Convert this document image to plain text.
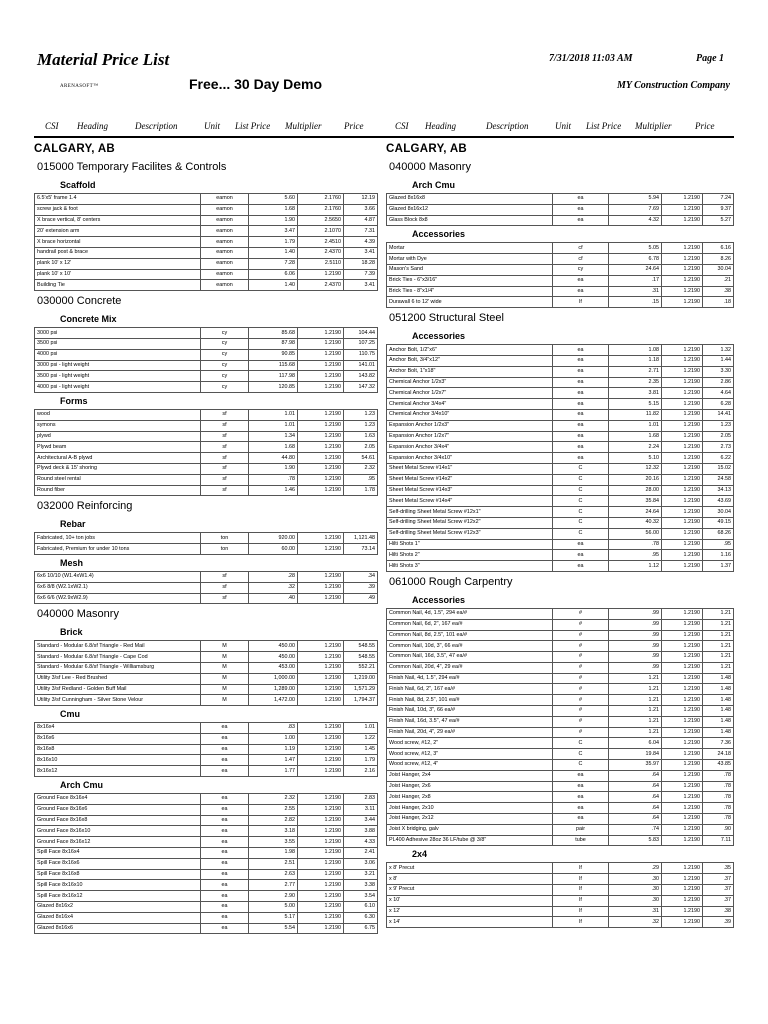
Material Price List
ARENASOFT™	Free... 30 Day Demo
7/31/2018 11:03 AM	Page 1
MY Construction Company
CSI Heading	Description	Unit List Price Multiplier	Price	CSI Heading	Description	Unit List Price Multiplier	Price
CALGARY, AB
015000 Temporary Facilites & Controls
Scaffold
6.5'x5' frame 1.4	eamon	5.60	2.1760	12.19
screw jack & foot	eamon	1.68	2.1760	3.66
X brace vertical, 8' centers	eamon	1.90	2.5650	4.87
20' extension arm	eamon	3.47	2.1070	7.31
X brace horizontal	eamon	1.79	2.4510	4.39
handrail post & brace	eamon	1.40	2.4370	3.41
plank 10' x 12'	eamon	7.28	2.5110	18.28
plank 10' x 10'	eamon	6.06	1.2190	7.39
Building Tie	eamon	1.40	2.4370	3.41
030000 Concrete
Concrete Mix
3000 psi	cy	85.68	1.2190	104.44
3500 psi	cy	87.98	1.2190	107.25
4000 psi	cy	90.85	1.2190	110.75
3000 psi - light weight	cy	115.68	1.2190	141.01
3500 psi - light weight	cy	117.98	1.2190	143.82
4000 psi - light weight	cy	120.85	1.2190	147.32
Forms
wood	sf	1.01	1.2190	1.23
symons	sf	1.01	1.2190	1.23
plywd	sf	1.34	1.2190	1.63
Plywd beam	sf	1.68	1.2190	2.05
Architectural A-B plywd	sf	44.80	1.2190	54.61
Plywd deck & 15' shoring	sf	1.90	1.2190	2.32
Round steel rental	sf	.78	1.2190	.95
Round fiber	sf	1.46	1.2190	1.78
032000 Reinforcing
Rebar
Fabricated, 10+ ton jobs	ton	920.00	1.2190	1,121.48
Fabricated, Premium for under 10 tons	ton	60.00	1.2190	73.14
Mesh
6x6 10/10 (W1.4xW1.4)	sf	.28	1.2190	.34
6x6 8/8 (W2.1xW2.1)	sf	.32	1.2190	.39
6x6 6/6 (W2.9xW2.9)	sf	.40	1.2190	.49
040000 Masonry
Brick
Standard - Modular 6.8/sf Triangle - Red Mail	M	450.00	1.2190	548.55
Standard - Modular 6.8/sf Triangle - Cape Cod	M	450.00	1.2190	548.55
Standard - Modular 6.8/sf Triangle - Williamsburg	M	453.00	1.2190	552.21
Utility 3/sf Lee - Red Brushed	M	1,000.00	1.2190	1,219.00
Utility 3/sf Redland - Golden Buff Mail	M	1,289.00	1.2190	1,571.29
Utility 3/sf Cunningham - Silver Stone Velour	M	1,472.00	1.2190	1,794.37
Cmu
8x16x4	ea	.83	1.2190	1.01
8x16x6	ea	1.00	1.2190	1.22
8x16x8	ea	1.19	1.2190	1.45
8x16x10	ea	1.47	1.2190	1.79
8x16x12	ea	1.77	1.2190	2.16
Arch Cmu
Ground Face 8x16x4	ea	2.32	1.2190	2.83
Ground Face 8x16x6	ea	2.55	1.2190	3.11
Ground Face 8x16x8	ea	2.82	1.2190	3.44
Ground Face 8x16x10	ea	3.18	1.2190	3.88
Ground Face 8x16x12	ea	3.55	1.2190	4.33
Spill Face 8x16x4	ea	1.98	1.2190	2.41
Spill Face 8x16x6	ea	2.51	1.2190	3.06
Spill Face 8x16x8	ea	2.63	1.2190	3.21
Spill Face 8x16x10	ea	2.77	1.2190	3.38
Spill Face 8x16x12	ea	2.90	1.2190	3.54
Glazed 8x16x2	ea	5.00	1.2190	6.10
Glazed 8x16x4	ea	5.17	1.2190	6.30
Glazed 8x16x6	ea	5.54	1.2190	6.75
CALGARY, AB
040000 Masonry
Arch Cmu
Glazed 8x16x8	ea	5.94	1.2190	7.24
Glazed 8x16x12	ea	7.69	1.2190	9.37
Glass Block 8x8	ea	4.32	1.2190	5.27
Accessories
Mortar	cf	5.05	1.2190	6.16
Mortar with Dye	cf	6.78	1.2190	8.26
Mason's Sand	cy	24.64	1.2190	30.04
Brick Ties - 6"x3/16"	ea	.17	1.2190	.21
Brick Ties - 8"x1/4"	ea	.31	1.2190	.38
Durawall 6 to 12' wide	lf	.15	1.2190	.18
051200 Structural Steel
Accessories
Anchor Bolt, 1/2"x6"	ea	1.08	1.2190	1.32
Anchor Bolt, 3/4"x12"	ea	1.18	1.2190	1.44
Anchor Bolt, 1"x18"	ea	2.71	1.2190	3.30
Chemical Anchor 1/2x3"	ea	2.35	1.2190	2.86
Chemical Anchor 1/2x7"	ea	3.81	1.2190	4.64
Chemical Anchor 3/4x4"	ea	5.15	1.2190	6.28
Chemical Anchor 3/4x10"	ea	11.82	1.2190	14.41
Expansion Anchor 1/2x3"	ea	1.01	1.2190	1.23
Expansion Anchor 1/2x7"	ea	1.68	1.2190	2.05
Expansion Anchor 3/4x4"	ea	2.24	1.2190	2.73
Expansion Anchor 3/4x10"	ea	5.10	1.2190	6.22
Sheet Metal Screw #14x1"	C	12.32	1.2190	15.02
Sheet Metal Screw #14x2"	C	20.16	1.2190	24.58
Sheet Metal Screw #14x3"	C	28.00	1.2190	34.13
Sheet Metal Screw #14x4"	C	35.84	1.2190	43.69
Self-drilling Sheet Metal Screw #12x1"	C	24.64	1.2190	30.04
Self-drilling Sheet Metal Screw #12x2"	C	40.32	1.2190	49.15
Self-drilling Sheet Metal Screw #12x3"	C	56.00	1.2190	68.26
Hilti Shots 1"	ea	.78	1.2190	.95
Hilti Shots 2"	ea	.95	1.2190	1.16
Hilti Shots 3"	ea	1.12	1.2190	1.37
061000 Rough Carpentry
Accessories
Common Nail, 4d, 1.5", 294 ea/#	#	.99	1.2190	1.21
Common Nail, 6d, 2", 167 ea/#	#	.99	1.2190	1.21
Common Nail, 8d, 2.5", 101 ea/#	#	.99	1.2190	1.21
Common Nail, 10d, 3", 66 ea/#	#	.99	1.2190	1.21
Common Nail, 16d, 3.5", 47 ea/#	#	.99	1.2190	1.21
Common Nail, 20d, 4", 29 ea/#	#	.99	1.2190	1.21
Finish Nail, 4d, 1.5", 294 ea/#	#	1.21	1.2190	1.48
Finish Nail, 6d, 2", 167 ea/#	#	1.21	1.2190	1.48
Finish Nail, 8d, 2.5", 101 ea/#	#	1.21	1.2190	1.48
Finish Nail, 10d, 3", 66 ea/#	#	1.21	1.2190	1.48
Finish Nail, 16d, 3.5", 47 ea/#	#	1.21	1.2190	1.48
Finish Nail, 20d, 4", 29 ea/#	#	1.21	1.2190	1.48
Wood screw, #12, 2"	C	6.04	1.2190	7.36
Wood screw, #12, 3"	C	19.84	1.2190	24.18
Wood screw, #12, 4"	C	35.97	1.2190	43.85
Joist Hanger, 2x4	ea	.64	1.2190	.78
Joist Hanger, 2x6	ea	.64	1.2190	.78
Joist Hanger, 2x8	ea	.64	1.2190	.78
Joist Hanger, 2x10	ea	.64	1.2190	.78
Joist Hanger, 2x12	ea	.64	1.2190	.78
Joist X bridging, galv	pair	.74	1.2190	.90
PL400 Adhesive 28oz 36 LF/tube @ 3/8"	tube	5.83	1.2190	7.11
2x4
x 8' Precut	lf	.29	1.2190	.35
x 8'	lf	.30	1.2190	.37
x 9' Precut	lf	.30	1.2190	.37
x 10'	lf	.30	1.2190	.37
x 12'	lf	.31	1.2190	.38
x 14'	lf	.32	1.2190	.39
